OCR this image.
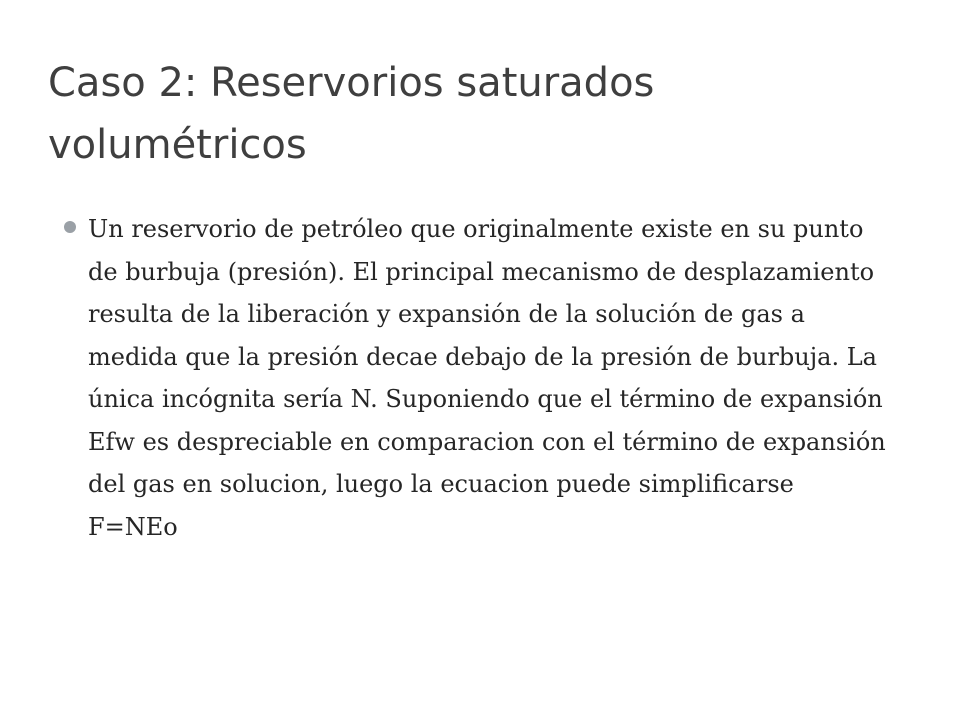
Caso 2: Reservorios saturados volumétricos

Un reservorio de petróleo que originalmente existe en su punto de burbuja (presión). El principal mecanismo de desplazamiento resulta de la liberación y expansión de la solución de gas a medida que la presión decae debajo de la presión de burbuja. La única incógnita sería N. Suponiendo que el término de expansión Efw es despreciable en comparacion con el término de expansión del gas en solucion, luego la ecuacion puede simplificarse F=NEo
